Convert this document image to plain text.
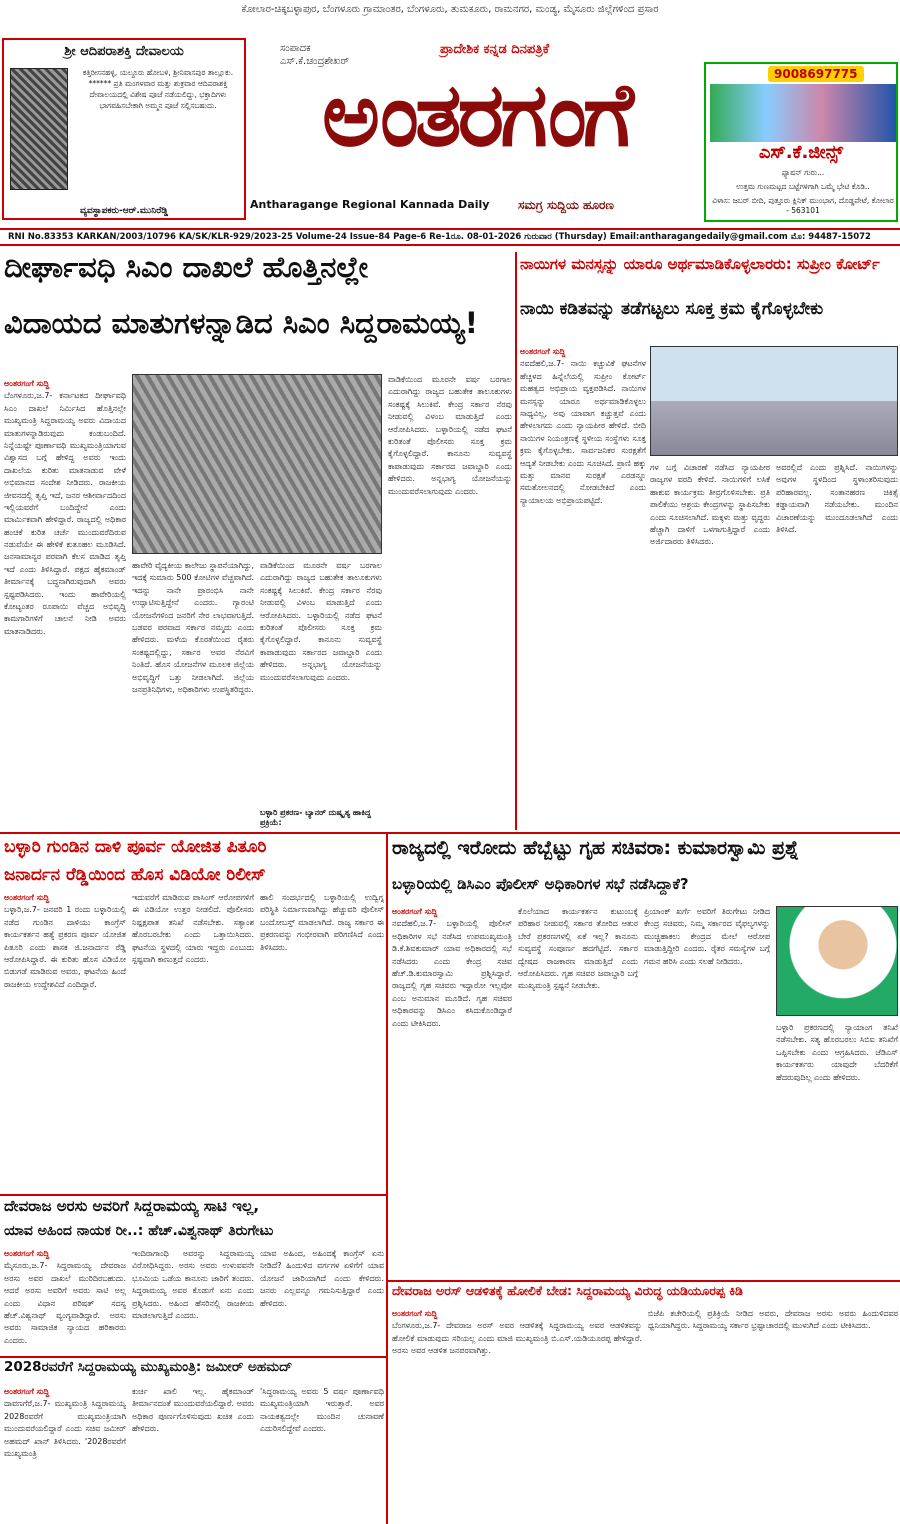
ಕೋಲಾರ-ಚಿಕ್ಕಬಳ್ಳಾಪುರ, ಬೆಂಗಳೂರು ಗ್ರಾಮಾಂತರ, ಬೆಂಗಳೂರು, ತುಮಕೂರು, ರಾಮನಗರ, ಮಂಡ್ಯ, ಮೈಸೂರು ಜಿಲ್ಲೆಗಳಿಂದ ಪ್ರಸಾರ
ಶ್ರೀ ಆದಿಪರಾಶಕ್ತಿ ದೇವಾಲಯ
ಕತ್ತಿರೀಸನಹಳ್ಳಿ, ಯಲ್ದೂರು ಹೋಬಳಿ, ಶ್ರೀನಿವಾಸಪುರ ತಾಲ್ಲೂಕು. ****** ಪ್ರತಿ ಮಂಗಳವಾರ ಮತ್ತು ಶುಕ್ರವಾರ ಆದಿಪರಾಶಕ್ತಿ ದೇವಾಲಯದಲ್ಲಿ ವಿಶೇಷ ಪೂಜೆ ನಡೆಯಲಿದ್ದು, ಭಕ್ತಾದಿಗಳು ಭಾಗವಹಿಸಬೇಕಾಗಿ ಅಮ್ಮನ ಪೂಜೆ ಸಲ್ಲಿಸಬಹುದು.
ವ್ಯವಸ್ಥಾಪಕರು-ಆರ್.ಮುನಿರೆಡ್ಡಿ
ಸಂಪಾದಕ
ಎಸ್.ಕೆ.ಚಂದ್ರಶೇಖರ್
ಪ್ರಾದೇಶಿಕ ಕನ್ನಡ ದಿನಪತ್ರಿಕೆ
ಅಂತರಗಂಗೆ
Antharagange Regional Kannada Daily ಸಮಗ್ರ ಸುದ್ದಿಯ ಹೂರಣ
9008697775
ಎಸ್.ಕೆ.ಜೀನ್ಸ್
ಫ್ಯಾಷನ್ ಗುರು...
ಉತ್ತಮ ಗುಣಮಟ್ಟದ ಬಟ್ಟೆಗಳಿಗಾಗಿ ಒಮ್ಮೆ ಭೇಟಿ ಕೊಡಿ..
ವಿಳಾಸ: ಜಬರ್ ಬೀದಿ, ಪುತ್ತೂರು ಕ್ಲಿನಿಕ್ ಮುಂಭಾಗ, ದೊಡ್ಡಪೇಟೆ, ಕೋಲಾರ - 563101
RNI No.83353 KARKAN/2003/10796 KA/SK/KLR-929/2023-25 Volume-24 Issue-84 Page-6 Re-1ರೂ. 08-01-2026 ಗುರುವಾರ (Thursday) Email:antharagangedaily@gmail.com ಮೊ: 94487-15072
ದೀರ್ಘಾವಧಿ ಸಿಎಂ ದಾಖಲೆ ಹೊತ್ತಿನಲ್ಲೇ
ವಿದಾಯದ ಮಾತುಗಳನ್ನಾಡಿದ ಸಿಎಂ ಸಿದ್ದರಾಮಯ್ಯ!
ಅಂತರಗಂಗೆ ಸುದ್ದಿ
ಬೆಂಗಳೂರು,ಜ.7- ಕರ್ನಾಟಕದ ದೀರ್ಘಾವಧಿ ಸಿಎಂ ದಾಖಲೆ ನಿರ್ಮಿಸಿದ ಹೊತ್ತಿನಲ್ಲೇ ಮುಖ್ಯಮಂತ್ರಿ ಸಿದ್ದರಾಮಯ್ಯ ಅವರು ವಿದಾಯದ ಮಾತುಗಳನ್ನಾಡಿರುವುದು ಕಂಡುಬಂದಿದೆ. ನಿನ್ನೆಯಷ್ಟೇ ಪೂರ್ಣಾವಧಿ ಮುಖ್ಯಮಂತ್ರಿಯಾಗುವ ವಿಶ್ವಾಸದ ಬಗ್ಗೆ ಹೇಳಿದ್ದ ಅವರು ಇಂದು ದಾಖಲೆಯ ಕುರಿತು ಮಾತನಾಡುವ ವೇಳೆ ಅಭಿಮಾನದ ಸಂದೇಶ ನೀಡಿದರು. ರಾಜಕೀಯ ಜೀವನದಲ್ಲಿ ತೃಪ್ತಿ ಇದೆ, ಜನರ ಆಶೀರ್ವಾದದಿಂದ ಇಲ್ಲಿಯವರೆಗೆ ಬಂದಿದ್ದೇನೆ ಎಂದು ಮಾರ್ಮಿಕವಾಗಿ ಹೇಳಿದ್ದಾರೆ. ರಾಜ್ಯದಲ್ಲಿ ಅಧಿಕಾರ ಹಂಚಿಕೆ ಕುರಿತ ಚರ್ಚೆ ಮುಂದುವರೆದಿರುವ ನಡುವೆಯೇ ಈ ಹೇಳಿಕೆ ಕುತೂಹಲ ಮೂಡಿಸಿದೆ. ಜನಸಾಮಾನ್ಯರ ಪರವಾಗಿ ಕೆಲಸ ಮಾಡಿದ ತೃಪ್ತಿ ಇದೆ ಎಂದು ತಿಳಿಸಿದ್ದಾರೆ. ಪಕ್ಷದ ಹೈಕಮಾಂಡ್ ತೀರ್ಮಾನಕ್ಕೆ ಬದ್ಧನಾಗಿರುವುದಾಗಿ ಅವರು ಸ್ಪಷ್ಟಪಡಿಸಿದರು. ಇಂದು ಹಾವೇರಿಯಲ್ಲಿ ಕೋಟ್ಯಂತರ ರೂಪಾಯಿ ವೆಚ್ಚದ ಅಭಿವೃದ್ಧಿ ಕಾಮಗಾರಿಗಳಿಗೆ ಚಾಲನೆ ನೀಡಿ ಅವರು ಮಾತನಾಡಿದರು.
ಹಾವೇರಿ ವೈದ್ಯಕೀಯ ಕಾಲೇಜು ಸ್ಥಾಪನೆಯಾಗಿದ್ದು, ಇದಕ್ಕೆ ಸುಮಾರು 500 ಕೋಟಿಗಳ ವೆಚ್ಚವಾಗಿದೆ. ಇದನ್ನು ನಾನೇ ಪ್ರಾರಂಭಿಸಿ ನಾನೇ ಉದ್ಘಾಟಿಸುತ್ತಿದ್ದೇನೆ ಎಂದರು. ಗ್ಯಾರಂಟಿ ಯೋಜನೆಗಳಿಂದ ಜನರಿಗೆ ನೇರ ಲಾಭವಾಗುತ್ತಿದೆ. ಬಡವರ ಪರವಾದ ಸರ್ಕಾರ ನಮ್ಮದು ಎಂದು ಹೇಳಿದರು. ಮಳೆಯ ಕೊರತೆಯಿಂದ ರೈತರು ಸಂಕಷ್ಟದಲ್ಲಿದ್ದು, ಸರ್ಕಾರ ಅವರ ನೆರವಿಗೆ ನಿಂತಿದೆ. ಹೊಸ ಯೋಜನೆಗಳ ಮೂಲಕ ಜಿಲ್ಲೆಯ ಅಭಿವೃದ್ಧಿಗೆ ಒತ್ತು ನೀಡಲಾಗಿದೆ. ಜಿಲ್ಲೆಯ ಜನಪ್ರತಿನಿಧಿಗಳು, ಅಧಿಕಾರಿಗಳು ಉಪಸ್ಥಿತರಿದ್ದರು.
ವಾಡಿಕೆಯಿಂದ ಮೂರನೇ ವರ್ಷ ಬರಗಾಲ ಎದುರಾಗಿದ್ದು ರಾಜ್ಯದ ಬಹುತೇಕ ತಾಲೂಕುಗಳು ಸಂಕಷ್ಟಕ್ಕೆ ಸಿಲುಕಿವೆ. ಕೇಂದ್ರ ಸರ್ಕಾರ ನೆರವು ನೀಡುವಲ್ಲಿ ವಿಳಂಬ ಮಾಡುತ್ತಿದೆ ಎಂದು ಆರೋಪಿಸಿದರು. ಬಳ್ಳಾರಿಯಲ್ಲಿ ನಡೆದ ಘಟನೆ ಕುರಿತಂತೆ ಪೊಲೀಸರು ಸೂಕ್ತ ಕ್ರಮ ಕೈಗೊಳ್ಳಲಿದ್ದಾರೆ. ಕಾನೂನು ಸುವ್ಯವಸ್ಥೆ ಕಾಪಾಡುವುದು ಸರ್ಕಾರದ ಜವಾಬ್ದಾರಿ ಎಂದು ಹೇಳಿದರು. ಅನ್ನಭಾಗ್ಯ ಯೋಜನೆಯನ್ನು ಮುಂದುವರೆಸಲಾಗುವುದು ಎಂದರು.
ವಾಡಿಕೆಯಿಂದ ಮೂರನೇ ವರ್ಷ ಬರಗಾಲ ಎದುರಾಗಿದ್ದು ರಾಜ್ಯದ ಬಹುತೇಕ ತಾಲೂಕುಗಳು ಸಂಕಷ್ಟಕ್ಕೆ ಸಿಲುಕಿವೆ. ಕೇಂದ್ರ ಸರ್ಕಾರ ನೆರವು ನೀಡುವಲ್ಲಿ ವಿಳಂಬ ಮಾಡುತ್ತಿದೆ ಎಂದು ಆರೋಪಿಸಿದರು. ಬಳ್ಳಾರಿಯಲ್ಲಿ ನಡೆದ ಘಟನೆ ಕುರಿತಂತೆ ಪೊಲೀಸರು ಸೂಕ್ತ ಕ್ರಮ ಕೈಗೊಳ್ಳಲಿದ್ದಾರೆ. ಕಾನೂನು ಸುವ್ಯವಸ್ಥೆ ಕಾಪಾಡುವುದು ಸರ್ಕಾರದ ಜವಾಬ್ದಾರಿ ಎಂದು ಹೇಳಿದರು. ಅನ್ನಭಾಗ್ಯ ಯೋಜನೆಯನ್ನು ಮುಂದುವರೆಸಲಾಗುವುದು ಎಂದರು.
ಬಳ್ಳಾರಿ ಪ್ರಕರಣ- ಬ್ಯಾನರ್ ದುಷ್ಕೃತ್ಯ ಹಾಕಿದ್ದ ಪ್ರಕ್ರಿಯೆ:
ನಾಯಿಗಳ ಮನಸ್ಸನ್ನು ಯಾರೂ ಅರ್ಥಮಾಡಿಕೊಳ್ಳಲಾರರು: ಸುಪ್ರೀಂ ಕೋರ್ಟ್
ನಾಯಿ ಕಡಿತವನ್ನು ತಡೆಗಟ್ಟಲು ಸೂಕ್ತ ಕ್ರಮ ಕೈಗೊಳ್ಳಬೇಕು
ಅಂತರಗಂಗೆ ಸುದ್ದಿ
ನವದೆಹಲಿ,ಜ.7- ನಾಯಿ ಕಚ್ಚುವಿಕೆ ಘಟನೆಗಳ ಹೆಚ್ಚಳದ ಹಿನ್ನೆಲೆಯಲ್ಲಿ ಸುಪ್ರೀಂ ಕೋರ್ಟ್ ಮಹತ್ವದ ಅಭಿಪ್ರಾಯ ವ್ಯಕ್ತಪಡಿಸಿದೆ. ನಾಯಿಗಳ ಮನಸ್ಸನ್ನು ಯಾರೂ ಅರ್ಥಮಾಡಿಕೊಳ್ಳಲು ಸಾಧ್ಯವಿಲ್ಲ, ಅವು ಯಾವಾಗ ಕಚ್ಚುತ್ತವೆ ಎಂದು ಹೇಳಲಾಗದು ಎಂದು ನ್ಯಾಯಪೀಠ ಹೇಳಿದೆ. ಬೀದಿ ನಾಯಿಗಳ ನಿಯಂತ್ರಣಕ್ಕೆ ಸ್ಥಳೀಯ ಸಂಸ್ಥೆಗಳು ಸೂಕ್ತ ಕ್ರಮ ಕೈಗೊಳ್ಳಬೇಕು. ಸಾರ್ವಜನಿಕರ ಸುರಕ್ಷತೆಗೆ ಆದ್ಯತೆ ನೀಡಬೇಕು ಎಂದು ಸೂಚಿಸಿದೆ. ಪ್ರಾಣಿ ಹಕ್ಕು ಮತ್ತು ಮಾನವ ಸುರಕ್ಷತೆ ಎರಡನ್ನೂ ಸಮತೋಲನದಲ್ಲಿ ನೋಡಬೇಕಿದೆ ಎಂದು ನ್ಯಾಯಾಲಯ ಅಭಿಪ್ರಾಯಪಟ್ಟಿದೆ.
ಗಳ ಬಗ್ಗೆ ವಿಚಾರಣೆ ನಡೆಸಿದ ನ್ಯಾಯಪೀಠ ರಾಜ್ಯಗಳ ವರದಿ ಕೇಳಿದೆ. ನಾಯಿಗಳಿಗೆ ಲಸಿಕೆ ಹಾಕುವ ಕಾರ್ಯಕ್ರಮ ತೀವ್ರಗೊಳಿಸಬೇಕು. ಪ್ರತಿ ಪಾಲಿಕೆಯು ಆಶ್ರಯ ಕೇಂದ್ರಗಳನ್ನು ಸ್ಥಾಪಿಸಬೇಕು ಎಂದು ಸೂಚಿಸಲಾಗಿದೆ. ಮಕ್ಕಳು ಮತ್ತು ವೃದ್ಧರು ಹೆಚ್ಚಾಗಿ ದಾಳಿಗೆ ಒಳಗಾಗುತ್ತಿದ್ದಾರೆ ಎಂದು ಅರ್ಜಿದಾರರು ತಿಳಿಸಿದರು.
ಅವರಲ್ಲಿದೆ ಎಂದು ಪ್ರಶ್ನಿಸಿದೆ. ನಾಯಿಗಳನ್ನು ಅವುಗಳ ಸ್ಥಳದಿಂದ ಸ್ಥಳಾಂತರಿಸುವುದು ಪರಿಹಾರವಲ್ಲ. ಸಂತಾನಹರಣ ಚಿಕಿತ್ಸೆ ಕಡ್ಡಾಯವಾಗಿ ನಡೆಯಬೇಕು. ಮುಂದಿನ ವಿಚಾರಣೆಯನ್ನು ಮುಂದೂಡಲಾಗಿದೆ ಎಂದು ತಿಳಿಸಿದೆ.
ಬಳ್ಳಾರಿ ಗುಂಡಿನ ದಾಳಿ ಪೂರ್ವ ಯೋಜಿತ ಪಿತೂರಿ
ಜನಾರ್ದನ ರೆಡ್ಡಿಯಿಂದ ಹೊಸ ವಿಡಿಯೋ ರಿಲೀಸ್
ಅಂತರಗಂಗೆ ಸುದ್ದಿ
ಬಳ್ಳಾರಿ,ಜ.7- ಜನವರಿ 1 ರಂದು ಬಳ್ಳಾರಿಯಲ್ಲಿ ನಡೆದ ಗುಂಡಿನ ದಾಳಿಯು ಕಾಂಗ್ರೆಸ್ ಕಾರ್ಯಕರ್ತನ ಹತ್ಯೆ ಪ್ರಕರಣ ಪೂರ್ವ ಯೋಜಿತ ಪಿತೂರಿ ಎಂದು ಶಾಸಕ ಜಿ.ಜನಾರ್ದನ ರೆಡ್ಡಿ ಆರೋಪಿಸಿದ್ದಾರೆ. ಈ ಕುರಿತು ಹೊಸ ವಿಡಿಯೋ ಬಿಡುಗಡೆ ಮಾಡಿರುವ ಅವರು, ಘಟನೆಯ ಹಿಂದೆ ರಾಜಕೀಯ ಉದ್ದೇಶವಿದೆ ಎಂದಿದ್ದಾರೆ.
ಇದುವರೆಗೆ ಮಾಡಿರುವ ಪಾಸಿಂಗ್ ಆರೋಪಗಳಿಗೆ ಈ ವಿಡಿಯೋ ಉತ್ತರ ನೀಡಲಿದೆ. ಪೊಲೀಸರು ನಿಷ್ಪಕ್ಷಪಾತ ತನಿಖೆ ನಡೆಸಬೇಕು. ಸತ್ಯಾಂಶ ಹೊರಬರಬೇಕು ಎಂದು ಒತ್ತಾಯಿಸಿದರು. ಘಟನೆಯ ಸ್ಥಳದಲ್ಲಿ ಯಾರು ಇದ್ದರು ಎಂಬುದು ಸ್ಪಷ್ಟವಾಗಿ ಕಾಣುತ್ತದೆ ಎಂದರು.
ಹಾಲಿ ಸಂದರ್ಭದಲ್ಲಿ ಬಳ್ಳಾರಿಯಲ್ಲಿ ಉದ್ವಿಗ್ನ ಪರಿಸ್ಥಿತಿ ನಿರ್ಮಾಣವಾಗಿದ್ದು ಹೆಚ್ಚುವರಿ ಪೊಲೀಸ್ ಬಂದೋಬಸ್ತ್ ಮಾಡಲಾಗಿದೆ. ರಾಜ್ಯ ಸರ್ಕಾರ ಈ ಪ್ರಕರಣವನ್ನು ಗಂಭೀರವಾಗಿ ಪರಿಗಣಿಸಿದೆ ಎಂದು ತಿಳಿಸಿದರು.
ರಾಜ್ಯದಲ್ಲಿ ಇರೋದು ಹೆಬ್ಬೆಟ್ಟು ಗೃಹ ಸಚಿವರಾ: ಕುಮಾರಸ್ವಾಮಿ ಪ್ರಶ್ನೆ
ಬಳ್ಳಾರಿಯಲ್ಲಿ ಡಿಸಿಎಂ ಪೊಲೀಸ್ ಅಧಿಕಾರಿಗಳ ಸಭೆ ನಡೆಸಿದ್ದಾಕೆ?
ಅಂತರಗಂಗೆ ಸುದ್ದಿ
ನವದೆಹಲಿ,ಜ.7- ಬಳ್ಳಾರಿಯಲ್ಲಿ ಪೊಲೀಸ್ ಅಧಿಕಾರಿಗಳ ಸಭೆ ನಡೆಸಿದ ಉಪಮುಖ್ಯಮಂತ್ರಿ ಡಿ.ಕೆ.ಶಿವಕುಮಾರ್ ಯಾವ ಅಧಿಕಾರದಲ್ಲಿ ಸಭೆ ನಡೆಸಿದರು ಎಂದು ಕೇಂದ್ರ ಸಚಿವ ಹೆಚ್.ಡಿ.ಕುಮಾರಸ್ವಾಮಿ ಪ್ರಶ್ನಿಸಿದ್ದಾರೆ. ರಾಜ್ಯದಲ್ಲಿ ಗೃಹ ಸಚಿವರು ಇದ್ದಾರೋ ಇಲ್ಲವೋ ಎಂಬ ಅನುಮಾನ ಮೂಡಿದೆ. ಗೃಹ ಸಚಿವರ ಅಧಿಕಾರವನ್ನು ಡಿಸಿಎಂ ಕಸಿದುಕೊಂಡಿದ್ದಾರೆ ಎಂದು ಟೀಕಿಸಿದರು.
ಕೊಲೆಯಾದ ಕಾರ್ಯಕರ್ತನ ಕುಟುಂಬಕ್ಕೆ ಪರಿಹಾರ ನೀಡುವಲ್ಲಿ ಸರ್ಕಾರ ತೋರಿದ ಆತುರ ಬೇರೆ ಪ್ರಕರಣಗಳಲ್ಲಿ ಏಕೆ ಇಲ್ಲ? ಕಾನೂನು ಸುವ್ಯವಸ್ಥೆ ಸಂಪೂರ್ಣ ಹದಗೆಟ್ಟಿದೆ. ಸರ್ಕಾರ ದ್ವೇಷದ ರಾಜಕಾರಣ ಮಾಡುತ್ತಿದೆ ಎಂದು ಆರೋಪಿಸಿದರು. ಗೃಹ ಸಚಿವರ ಜವಾಬ್ದಾರಿ ಬಗ್ಗೆ ಮುಖ್ಯಮಂತ್ರಿ ಸ್ಪಷ್ಟನೆ ನೀಡಬೇಕು.
ಪ್ರಿಯಾಂಕ್ ಖರ್ಗೆ ಅವರಿಗೆ ತಿರುಗೇಟು ನೀಡಿದ ಕೇಂದ್ರ ಸಚಿವರು, ನಿಮ್ಮ ಸರ್ಕಾರದ ವೈಫಲ್ಯಗಳನ್ನು ಮುಚ್ಚಿಹಾಕಲು ಕೇಂದ್ರದ ಮೇಲೆ ಆರೋಪ ಮಾಡುತ್ತಿದ್ದೀರಿ ಎಂದರು. ರೈತರ ಸಮಸ್ಯೆಗಳ ಬಗ್ಗೆ ಗಮನ ಹರಿಸಿ ಎಂದು ಸಲಹೆ ನೀಡಿದರು.
ಬಳ್ಳಾರಿ ಪ್ರಕರಣದಲ್ಲಿ ನ್ಯಾಯಾಂಗ ತನಿಖೆ ನಡೆಸಬೇಕು. ಸತ್ಯ ಹೊರಬರಲು ಸಿಬಿಐ ತನಿಖೆಗೆ ಒಪ್ಪಿಸಬೇಕು ಎಂದು ಆಗ್ರಹಿಸಿದರು. ಜೆಡಿಎಸ್ ಕಾರ್ಯಕರ್ತರು ಯಾವುದೇ ಬೆದರಿಕೆಗೆ ಹೆದರುವುದಿಲ್ಲ ಎಂದು ಹೇಳಿದರು.
ದೇವರಾಜ ಅರಸು ಅವರಿಗೆ ಸಿದ್ದರಾಮಯ್ಯ ಸಾಟಿ ಇಲ್ಲ,
ಯಾವ ಅಹಿಂದ ನಾಯಕ ರೀ..: ಹೆಚ್.ವಿಶ್ವನಾಥ್ ತಿರುಗೇಟು
ಅಂತರಗಂಗೆ ಸುದ್ದಿ
ಮೈಸೂರು,ಜ.7- ಸಿದ್ದರಾಮಯ್ಯ ದೇವರಾಜ ಅರಸು ಅವರ ದಾಖಲೆ ಮುರಿದಿರಬಹುದು. ಆದರೆ ಅರಸು ಅವರಿಗೆ ಅವರು ಸಾಟಿ ಅಲ್ಲ ಎಂದು ವಿಧಾನ ಪರಿಷತ್ ಸದಸ್ಯ ಹೆಚ್.ವಿಶ್ವನಾಥ್ ವ್ಯಂಗ್ಯವಾಡಿದ್ದಾರೆ. ಅರಸು ಅವರು ಸಾಮಾಜಿಕ ನ್ಯಾಯದ ಹರಿಕಾರರು ಎಂದರು.
ಇಂದಿರಾಗಾಂಧಿ ಅವರನ್ನು ಸಿದ್ದರಾಮಯ್ಯ ವಿರೋಧಿಸಿದ್ದರು. ಅರಸು ಅವರು ಉಳುವವನೇ ಭೂಮಿಯ ಒಡೆಯ ಕಾನೂನು ಜಾರಿಗೆ ತಂದರು. ಸಿದ್ದರಾಮಯ್ಯ ಅವರ ಕೊಡುಗೆ ಏನು ಎಂದು ಪ್ರಶ್ನಿಸಿದರು. ಅಹಿಂದ ಹೆಸರಿನಲ್ಲಿ ರಾಜಕೀಯ ಮಾಡಲಾಗುತ್ತಿದೆ ಎಂದರು.
ಯಾವ ಅಹಿಂದ, ಅಹಿಂದಕ್ಕೆ ಕಾಂಗ್ರೆಸ್ ಏನು ನೀಡಿದೆ? ಹಿಂದುಳಿದ ವರ್ಗಗಳ ಏಳಿಗೆಗೆ ಯಾವ ಯೋಜನೆ ಜಾರಿಯಾಗಿದೆ ಎಂದು ಕೇಳಿದರು. ಜನರು ಎಲ್ಲವನ್ನೂ ಗಮನಿಸುತ್ತಿದ್ದಾರೆ ಎಂದು ಹೇಳಿದರು.
2028ರವರೆಗೆ ಸಿದ್ದರಾಮಯ್ಯ ಮುಖ್ಯಮಂತ್ರಿ: ಜಮೀರ್ ಅಹಮದ್
ಅಂತರಗಂಗೆ ಸುದ್ದಿ
ದಾವಣಗೆರೆ,ಜ.7- ಮುಖ್ಯಮಂತ್ರಿ ಸಿದ್ದರಾಮಯ್ಯ 2028ರವರೆಗೆ ಮುಖ್ಯಮಂತ್ರಿಯಾಗಿ ಮುಂದುವರೆಯಲಿದ್ದಾರೆ ಎಂದು ಸಚಿವ ಜಮೀರ್ ಅಹಮದ್ ಖಾನ್ ತಿಳಿಸಿದರು. '2028ರವರೆಗೆ ಮುಖ್ಯಮಂತ್ರಿ
ಕುರ್ಚಿ ಖಾಲಿ ಇಲ್ಲ. ಹೈಕಮಾಂಡ್ ತೀರ್ಮಾನದಂತೆ ಮುಂದುವರೆಯಲಿದ್ದಾರೆ. ಅವರು ಅಧಿಕಾರ ಪೂರ್ಣಗೊಳಿಸುವುದು ಖಚಿತ ಎಂದು ಹೇಳಿದರು.
'ಸಿದ್ದರಾಮಯ್ಯ ಅವರು 5 ವರ್ಷ ಪೂರ್ಣಾವಧಿ ಮುಖ್ಯಮಂತ್ರಿಯಾಗಿ ಇರುತ್ತಾರೆ. ಅವರ ನಾಯಕತ್ವದಲ್ಲೇ ಮುಂದಿನ ಚುನಾವಣೆ ಎದುರಿಸಲಿದ್ದೇವೆ ಎಂದರು.
ದೇವರಾಜ ಅರಸ್ ಆಡಳಿತಕ್ಕೆ ಹೋಲಿಕೆ ಬೇಡ: ಸಿದ್ದರಾಮಯ್ಯ ವಿರುದ್ಧ ಯಡಿಯೂರಪ್ಪ ಕಿಡಿ
ಅಂತರಗಂಗೆ ಸುದ್ದಿ
ಬೆಂಗಳೂರು,ಜ.7- ದೇವರಾಜ ಅರಸ್ ಅವರ ಆಡಳಿತಕ್ಕೆ ಸಿದ್ದರಾಮಯ್ಯ ಅವರ ಆಡಳಿತವನ್ನು ಹೋಲಿಕೆ ಮಾಡುವುದು ಸರಿಯಲ್ಲ ಎಂದು ಮಾಜಿ ಮುಖ್ಯಮಂತ್ರಿ ಬಿ.ಎಸ್.ಯಡಿಯೂರಪ್ಪ ಹೇಳಿದ್ದಾರೆ. ಅರಸು ಅವರ ಆಡಳಿತ ಜನಪರವಾಗಿತ್ತು.
ಬಿಜೆಪಿ ಕಚೇರಿಯಲ್ಲಿ ಪ್ರತಿಕ್ರಿಯೆ ನೀಡಿದ ಅವರು, ದೇವರಾಜ ಅರಸು ಅವರು ಹಿಂದುಳಿದವರ ಧ್ವನಿಯಾಗಿದ್ದರು. ಸಿದ್ದರಾಮಯ್ಯ ಸರ್ಕಾರ ಭ್ರಷ್ಟಾಚಾರದಲ್ಲಿ ಮುಳುಗಿದೆ ಎಂದು ಟೀಕಿಸಿದರು.
